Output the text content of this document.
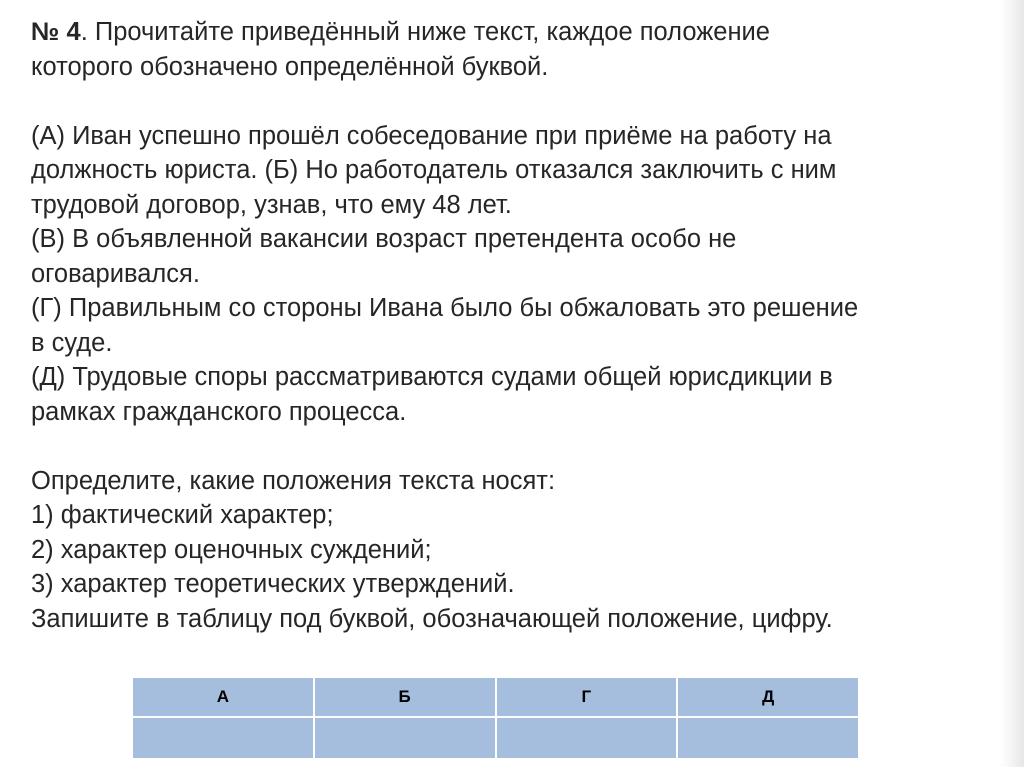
№ 4. Прочитайте приведённый ниже текст, каждое положение
которого обозначено определённой буквой.
(А) Иван успешно прошёл собеседование при приёме на работу на
должность юриста. (Б) Но работодатель отказался заключить с ним
трудовой договор, узнав, что ему 48 лет.
(В) В объявленной вакансии возраст претендента особо не
оговаривался.
(Г) Правильным со стороны Ивана было бы обжаловать это решение
в суде.
(Д) Трудовые споры рассматриваются судами общей юрисдикции в
рамках гражданского процесса.
Определите, какие положения текста носят:
1) фактический характер;
2) характер оценочных суждений;
3) характер теоретических утверждений.
Запишите в таблицу под буквой, обозначающей положение, цифру.
А	Б	Г	Д
